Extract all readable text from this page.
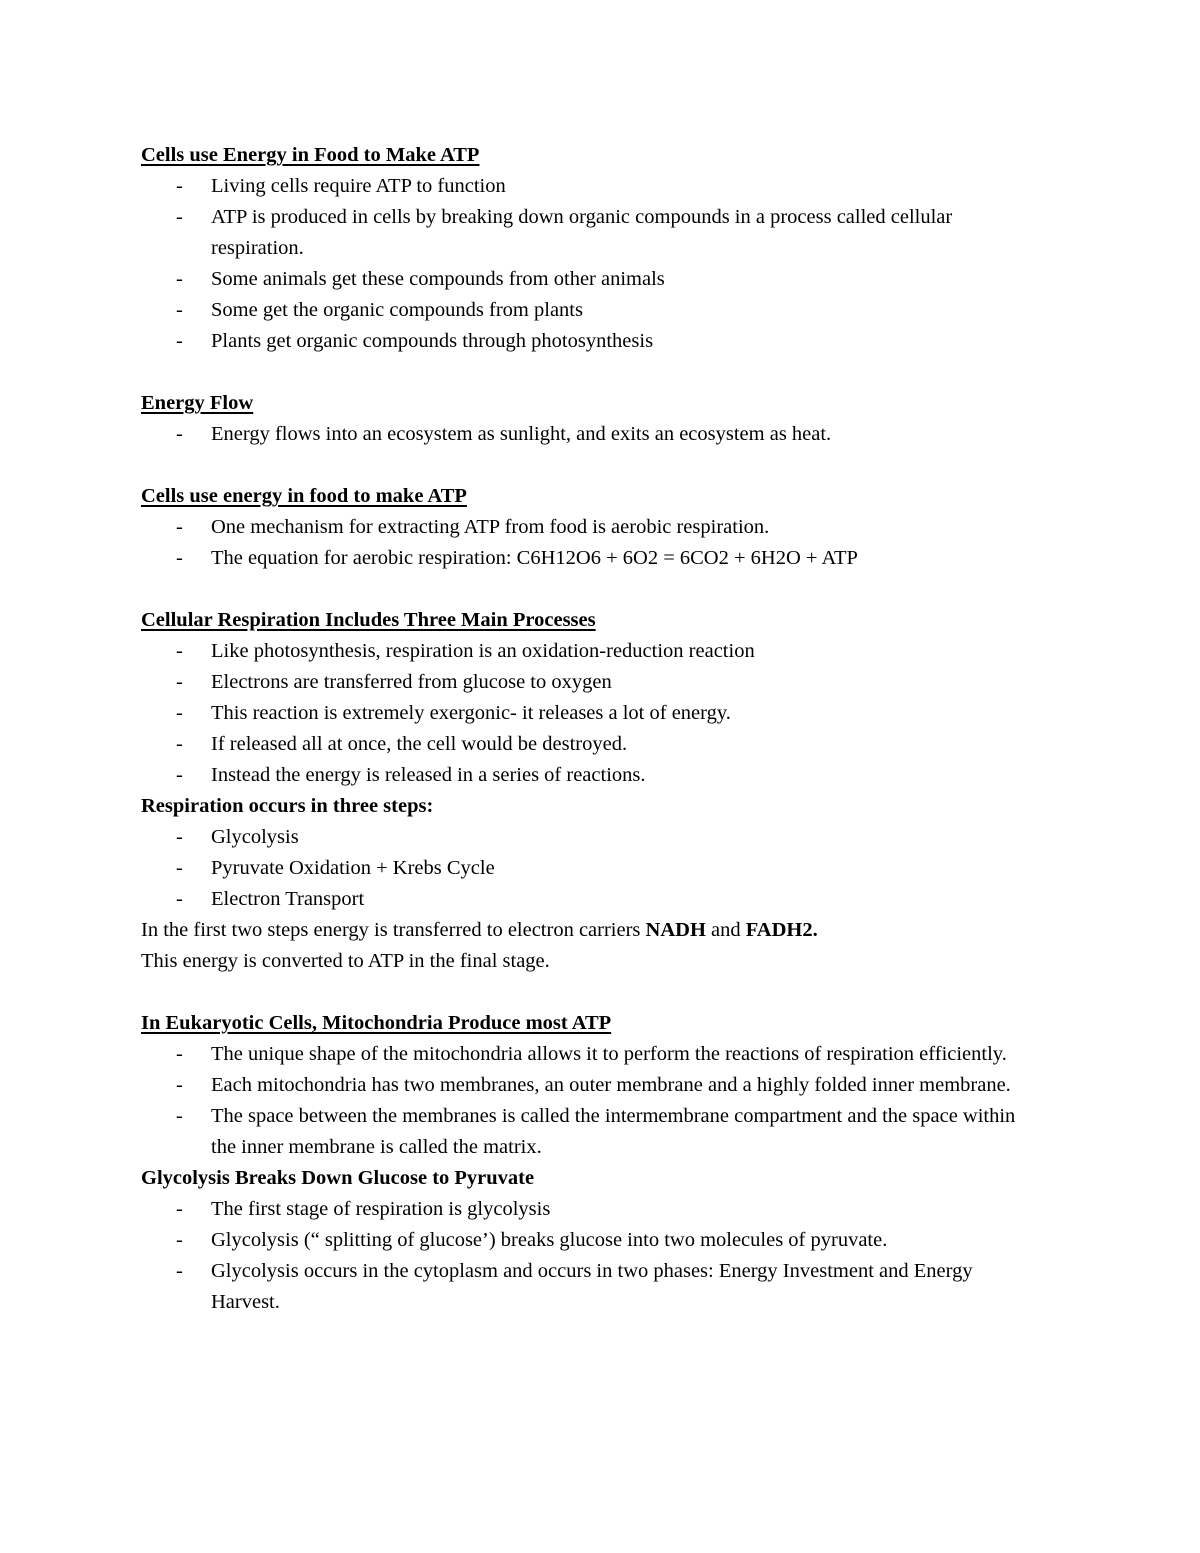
Cells use Energy in Food to Make ATP

- Living cells require ATP to function
- ATP is produced in cells by breaking down organic compounds in a process called cellular respiration.
- Some animals get these compounds from other animals
- Some get the organic compounds from plants
- Plants get organic compounds through photosynthesis

Energy Flow

- Energy flows into an ecosystem as sunlight, and exits an ecosystem as heat.

Cells use energy in food to make ATP

- One mechanism for extracting ATP from food is aerobic respiration.
- The equation for aerobic respiration: C6H12O6 + 6O2 = 6CO2 + 6H2O + ATP

Cellular Respiration Includes Three Main Processes

- Like photosynthesis, respiration is an oxidation-reduction reaction
- Electrons are transferred from glucose to oxygen
- This reaction is extremely exergonic- it releases a lot of energy.
- If released all at once, the cell would be destroyed.
- Instead the energy is released in a series of reactions.

Respiration occurs in three steps:

- Glycolysis
- Pyruvate Oxidation + Krebs Cycle
- Electron Transport

In the first two steps energy is transferred to electron carriers NADH and FADH2.

This energy is converted to ATP in the final stage.

In Eukaryotic Cells, Mitochondria Produce most ATP

- The unique shape of the mitochondria allows it to perform the reactions of respiration efficiently.
- Each mitochondria has two membranes, an outer membrane and a highly folded inner membrane.
- The space between the membranes is called the intermembrane compartment and the space within the inner membrane is called the matrix.

Glycolysis Breaks Down Glucose to Pyruvate

- The first stage of respiration is glycolysis
- Glycolysis (“ splitting of glucose’) breaks glucose into two molecules of pyruvate.
- Glycolysis occurs in the cytoplasm and occurs in two phases: Energy Investment and Energy Harvest.
